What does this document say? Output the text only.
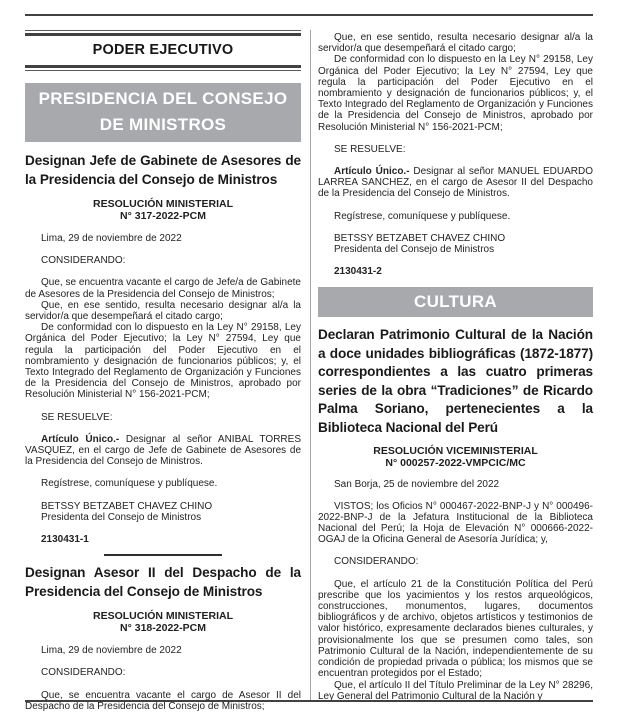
PODER EJECUTIVO
PRESIDENCIA DEL CONSEJO
DE MINISTROS
Designan Jefe de Gabinete de Asesores de la Presidencia del Consejo de Ministros
RESOLUCIÓN MINISTERIAL
N° 317-2022-PCM
Lima, 29 de noviembre de 2022
CONSIDERANDO:
Que, se encuentra vacante el cargo de Jefe/a de Gabinete de Asesores de la Presidencia del Consejo de Ministros;
Que, en ese sentido, resulta necesario designar al/a la servidor/a que desempeñará el citado cargo;
De conformidad con lo dispuesto en la Ley N° 29158, Ley Orgánica del Poder Ejecutivo; la Ley N° 27594, Ley que regula la participación del Poder Ejecutivo en el nombramiento y designación de funcionarios públicos; y, el Texto Integrado del Reglamento de Organización y Funciones de la Presidencia del Consejo de Ministros, aprobado por Resolución Ministerial N° 156-2021-PCM;
SE RESUELVE:
Artículo Único.- Designar al señor ANIBAL TORRES VASQUEZ, en el cargo de Jefe de Gabinete de Asesores de la Presidencia del Consejo de Ministros.
Regístrese, comuníquese y publíquese.
BETSSY BETZABET CHAVEZ CHINO
Presidenta del Consejo de Ministros
2130431-1
Designan Asesor II del Despacho de la Presidencia del Consejo de Ministros
RESOLUCIÓN MINISTERIAL
N° 318-2022-PCM
Lima, 29 de noviembre de 2022
CONSIDERANDO:
Que, se encuentra vacante el cargo de Asesor II del Despacho de la Presidencia del Consejo de Ministros;
Que, en ese sentido, resulta necesario designar al/a la servidor/a que desempeñará el citado cargo;
De conformidad con lo dispuesto en la Ley N° 29158, Ley Orgánica del Poder Ejecutivo; la Ley N° 27594, Ley que regula la participación del Poder Ejecutivo en el nombramiento y designación de funcionarios públicos; y, el Texto Integrado del Reglamento de Organización y Funciones de la Presidencia del Consejo de Ministros, aprobado por Resolución Ministerial N° 156-2021-PCM;
SE RESUELVE:
Artículo Único.- Designar al señor MANUEL EDUARDO LARREA SANCHEZ, en el cargo de Asesor II del Despacho de la Presidencia del Consejo de Ministros.
Regístrese, comuníquese y publíquese.
BETSSY BETZABET CHAVEZ CHINO
Presidenta del Consejo de Ministros
2130431-2
CULTURA
Declaran Patrimonio Cultural de la Nación a doce unidades bibliográficas (1872-1877) correspondientes a las cuatro primeras series de la obra “Tradiciones” de Ricardo Palma Soriano, pertenecientes a la Biblioteca Nacional del Perú
RESOLUCIÓN VICEMINISTERIAL
N° 000257-2022-VMPCIC/MC
San Borja, 25 de noviembre del 2022
VISTOS; los Oficios N° 000467-2022-BNP-J y N° 000496-2022-BNP-J de la Jefatura Institucional de la Biblioteca Nacional del Perú; la Hoja de Elevación N° 000666-2022-OGAJ de la Oficina General de Asesoría Jurídica; y,
CONSIDERANDO:
Que, el artículo 21 de la Constitución Política del Perú prescribe que los yacimientos y los restos arqueológicos, construcciones, monumentos, lugares, documentos bibliográficos y de archivo, objetos artísticos y testimonios de valor histórico, expresamente declarados bienes culturales, y provisionalmente los que se presumen como tales, son Patrimonio Cultural de la Nación, independientemente de su condición de propiedad privada o pública; los mismos que se encuentran protegidos por el Estado;
Que, el artículo II del Título Preliminar de la Ley N° 28296, Ley General del Patrimonio Cultural de la Nación y
